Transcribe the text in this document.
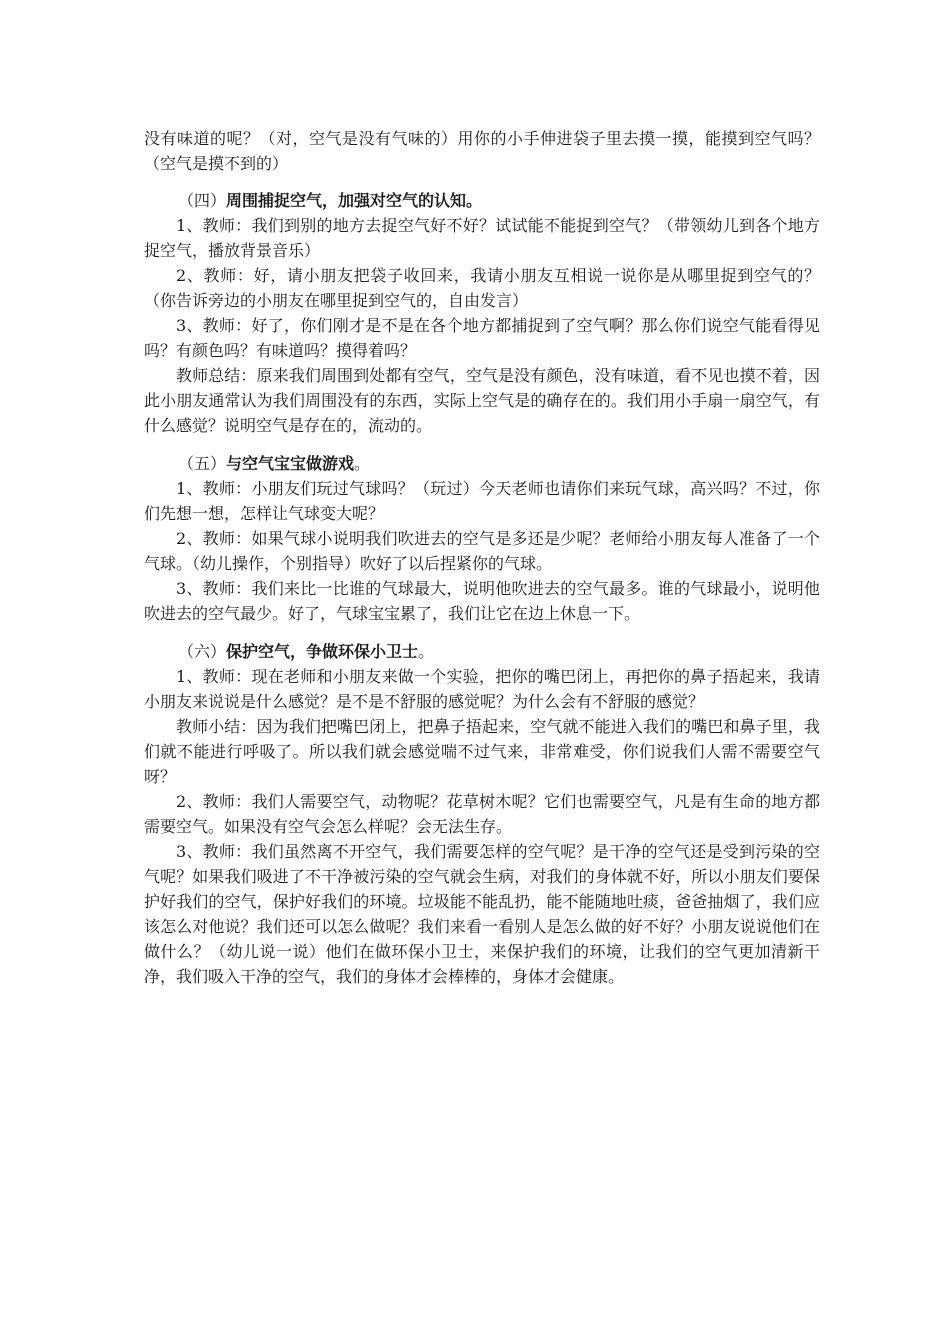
没有味道的呢？（对，空气是没有气味的）用你的小手伸进袋子里去摸一摸，能摸到空气吗？（空气是摸不到的）

（四）周围捕捉空气，加强对空气的认知。

1、教师：我们到别的地方去捉空气好不好？试试能不能捉到空气？（带领幼儿到各个地方捉空气，播放背景音乐）

2、教师：好，请小朋友把袋子收回来，我请小朋友互相说一说你是从哪里捉到空气的？（你告诉旁边的小朋友在哪里捉到空气的，自由发言）

3、教师：好了，你们刚才是不是在各个地方都捕捉到了空气啊？那么你们说空气能看得见吗？有颜色吗？有味道吗？摸得着吗？

教师总结：原来我们周围到处都有空气，空气是没有颜色，没有味道，看不见也摸不着，因此小朋友通常认为我们周围没有的东西，实际上空气是的确存在的。我们用小手扇一扇空气，有什么感觉？说明空气是存在的，流动的。

（五）与空气宝宝做游戏。

1、教师：小朋友们玩过气球吗？（玩过）今天老师也请你们来玩气球，高兴吗？不过，你们先想一想，怎样让气球变大呢？

2、教师：如果气球小说明我们吹进去的空气是多还是少呢？老师给小朋友每人准备了一个气球。（幼儿操作，个别指导）吹好了以后捏紧你的气球。

3、教师：我们来比一比谁的气球最大，说明他吹进去的空气最多。谁的气球最小，说明他吹进去的空气最少。好了，气球宝宝累了，我们让它在边上休息一下。

（六）保护空气，争做环保小卫士。

1、教师：现在老师和小朋友来做一个实验，把你的嘴巴闭上，再把你的鼻子捂起来，我请小朋友来说说是什么感觉？是不是不舒服的感觉呢？为什么会有不舒服的感觉？

教师小结：因为我们把嘴巴闭上，把鼻子捂起来，空气就不能进入我们的嘴巴和鼻子里，我们就不能进行呼吸了。所以我们就会感觉喘不过气来，非常难受，你们说我们人需不需要空气呀？

2、教师：我们人需要空气，动物呢？花草树木呢？它们也需要空气，凡是有生命的地方都需要空气。如果没有空气会怎么样呢？会无法生存。

3、教师：我们虽然离不开空气，我们需要怎样的空气呢？是干净的空气还是受到污染的空气呢？如果我们吸进了不干净被污染的空气就会生病，对我们的身体就不好，所以小朋友们要保护好我们的空气，保护好我们的环境。垃圾能不能乱扔，能不能随地吐痰，爸爸抽烟了，我们应该怎么对他说？我们还可以怎么做呢？我们来看一看别人是怎么做的好不好？小朋友说说他们在做什么？（幼儿说一说）他们在做环保小卫士，来保护我们的环境，让我们的空气更加清新干净，我们吸入干净的空气，我们的身体才会棒棒的，身体才会健康。
